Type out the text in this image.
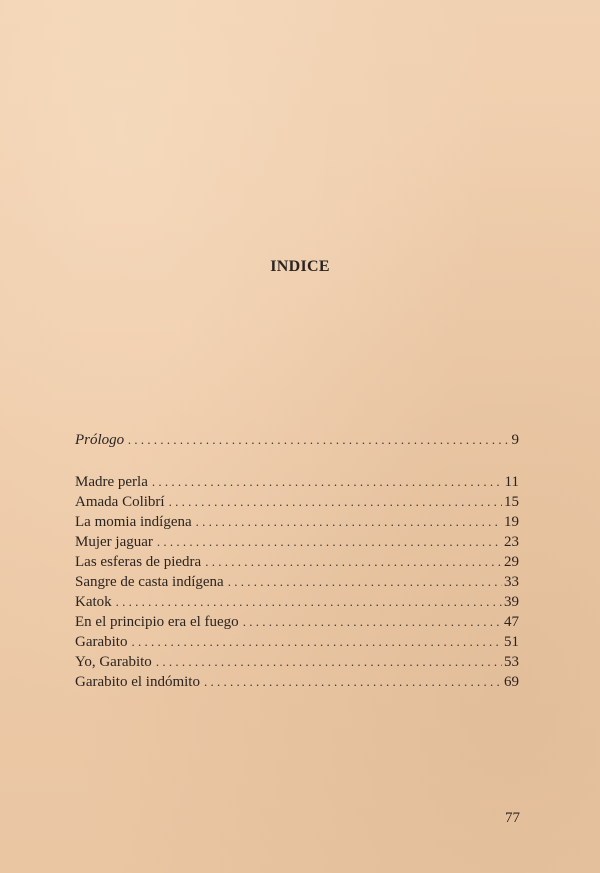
INDICE
Prólogo . . .	9
Madre perla . . .	11
Amada Colibrí . . .	15
La momia indígena . . .	19
Mujer jaguar . . .	23
Las esferas de piedra . . .	29
Sangre de casta indígena . . .	33
Katok . . .	39
En el principio era el fuego . . .	47
Garabito . . .	51
Yo, Garabito . . .	53
Garabito el indómito . . .	69
77
